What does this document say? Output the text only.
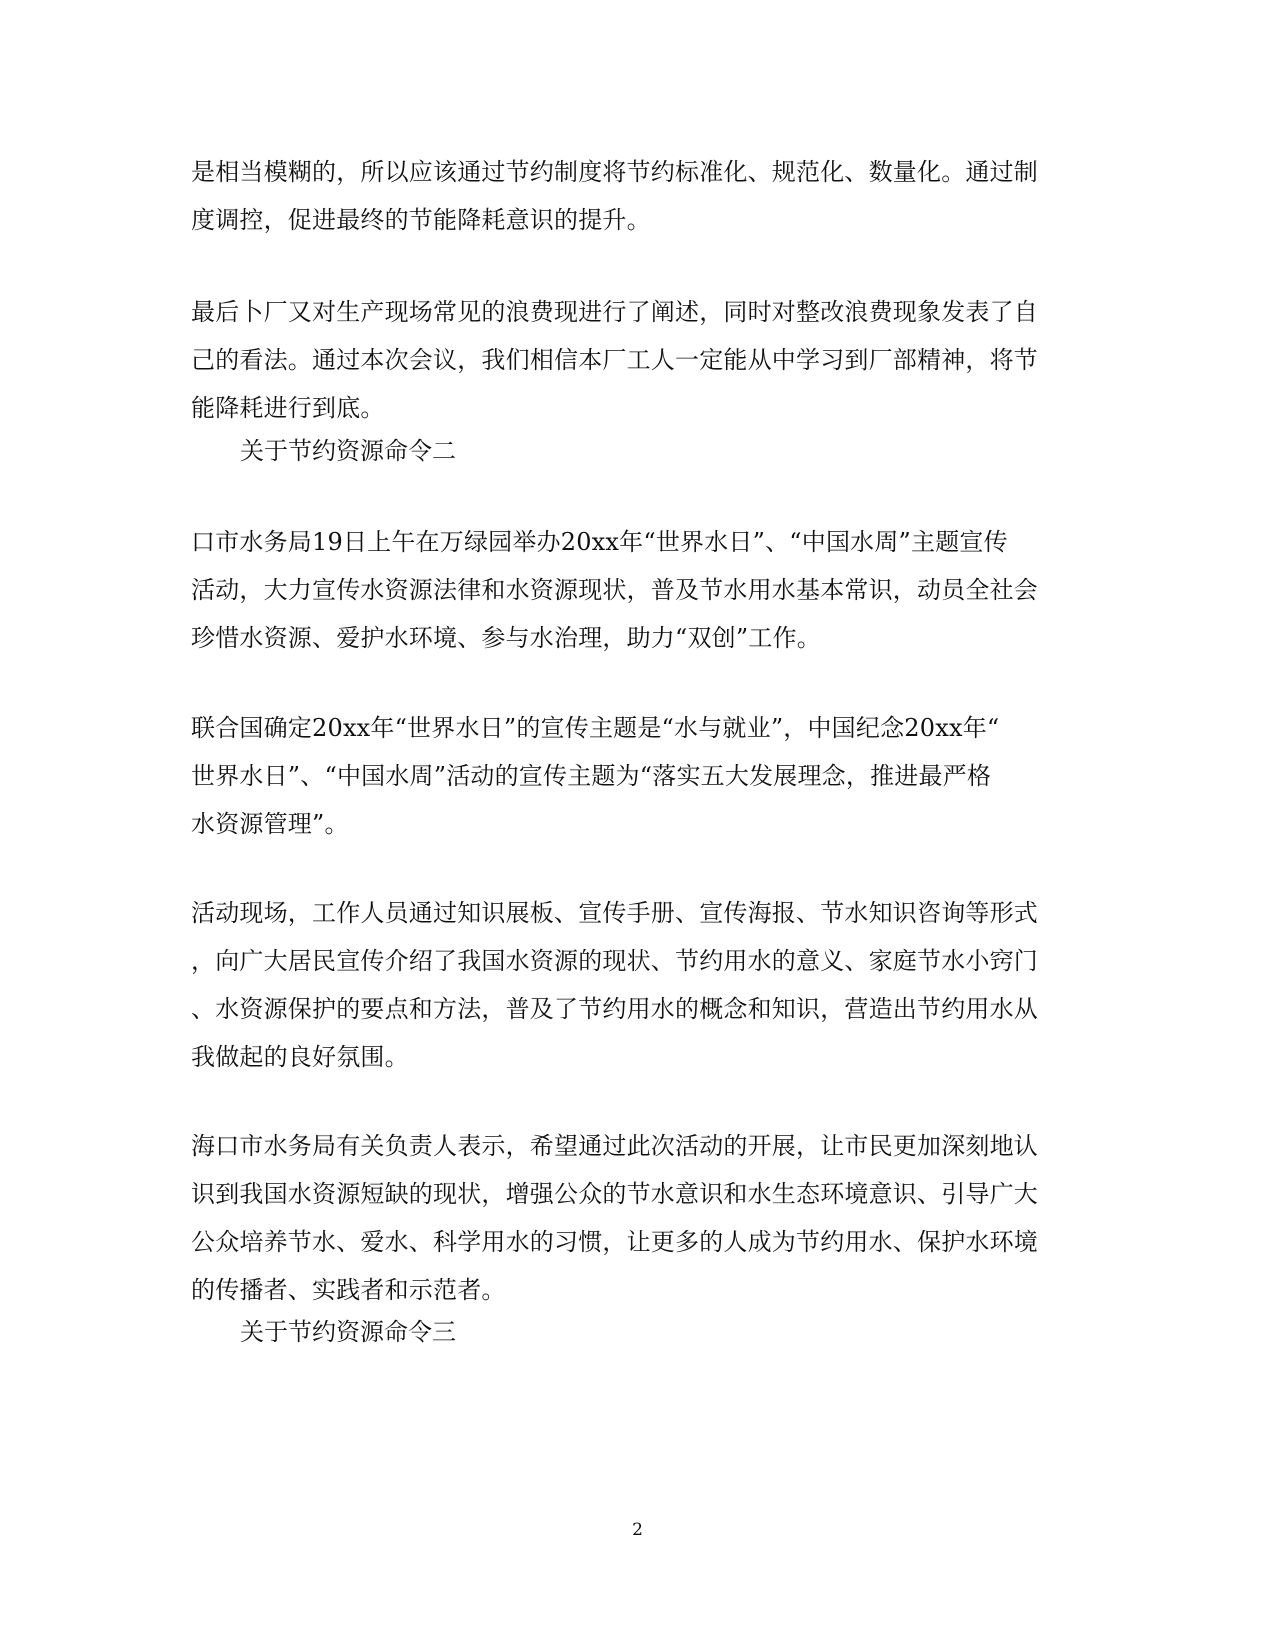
是相当模糊的，所以应该通过节约制度将节约标准化、规范化、数量化。通过制
度调控，促进最终的节能降耗意识的提升。

最后卜厂又对生产现场常见的浪费现进行了阐述，同时对整改浪费现象发表了自
己的看法。通过本次会议，我们相信本厂工人一定能从中学习到厂部精神，将节
能降耗进行到底。

关于节约资源命令二

口市水务局19日上午在万绿园举办20xx年“世界水日”、“中国水周”主题宣传
活动，大力宣传水资源法律和水资源现状，普及节水用水基本常识，动员全社会
珍惜水资源、爱护水环境、参与水治理，助力“双创”工作。

联合国确定20xx年“世界水日”的宣传主题是“水与就业”，中国纪念20xx年“
世界水日”、“中国水周”活动的宣传主题为“落实五大发展理念，推进最严格
水资源管理”。

活动现场，工作人员通过知识展板、宣传手册、宣传海报、节水知识咨询等形式
，向广大居民宣传介绍了我国水资源的现状、节约用水的意义、家庭节水小窍门
、水资源保护的要点和方法，普及了节约用水的概念和知识，营造出节约用水从
我做起的良好氛围。

海口市水务局有关负责人表示，希望通过此次活动的开展，让市民更加深刻地认
识到我国水资源短缺的现状，增强公众的节水意识和水生态环境意识、引导广大
公众培养节水、爱水、科学用水的习惯，让更多的人成为节约用水、保护水环境
的传播者、实践者和示范者。

关于节约资源命令三

2
